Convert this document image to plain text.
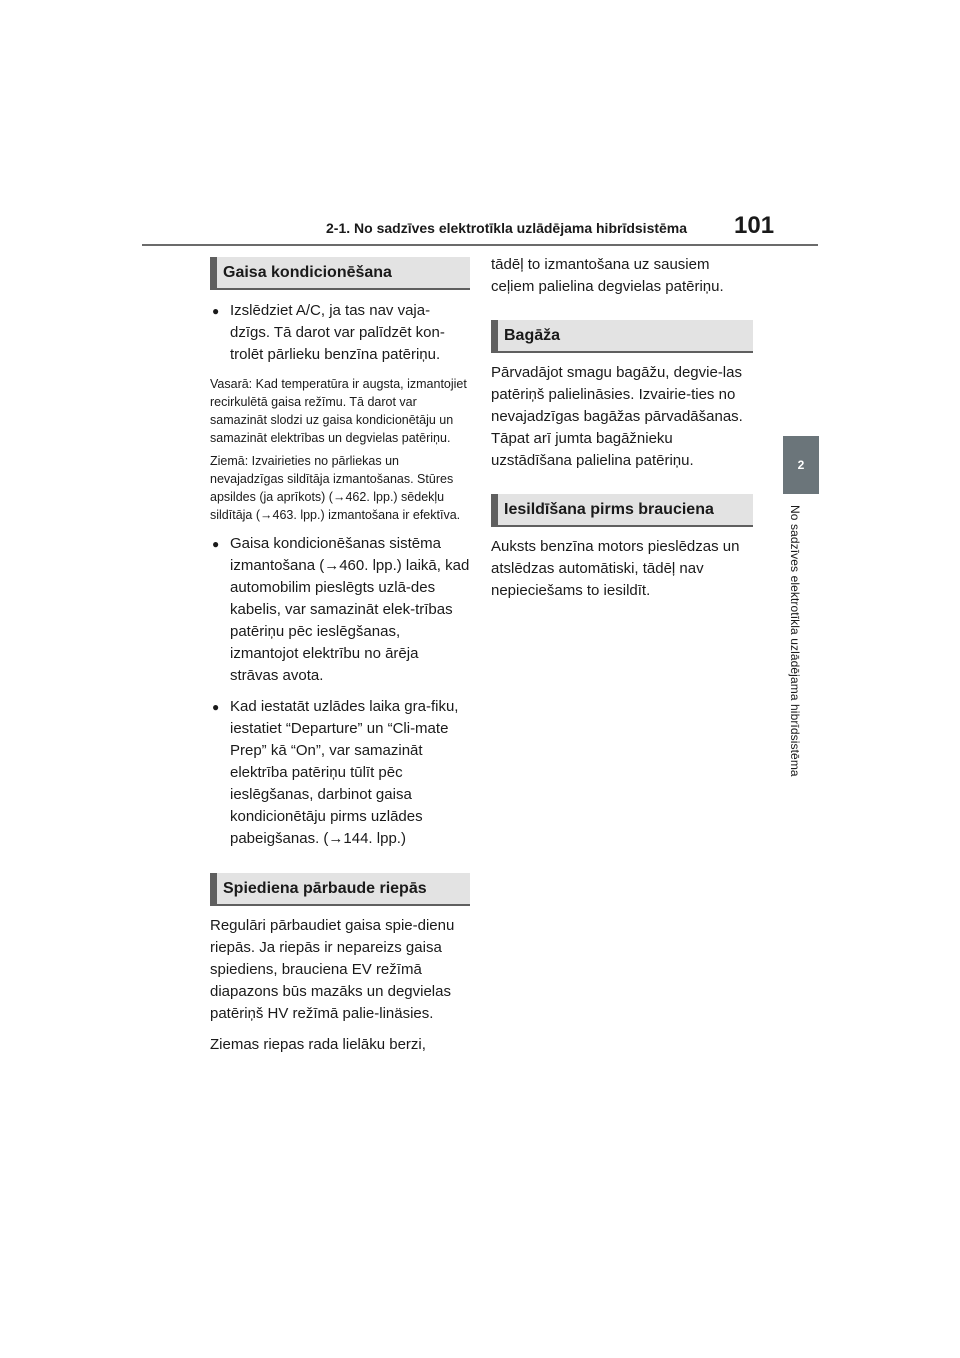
2-1. No sadzīves elektrotīkla uzlādējama hibrīdsistēma 101
2
No sadzīves elektrotīkla uzlādējama hibrīdsistēma
Gaisa kondicionēšana
● Izslēdziet A/C, ja tas nav vaja-dzīgs. Tā darot var palīdzēt kon-trolēt pārlieku benzīna patēriņu.

Vasarā: Kad temperatūra ir augsta, izmantojiet recirkulētā gaisa režīmu. Tā darot var samazināt slodzi uz gaisa kondicionētāju un samazināt elektrības un degvielas patēriņu.

Ziemā: Izvairieties no pārliekas un nevajadzīgas sildītāja izmantošanas. Stūres apsildes (ja aprīkots) (→462. lpp.) sēdekļu sildītāja (→463. lpp.) izmantošana ir efektīva.

● Gaisa kondicionēšanas sistēma izmantošana (→460. lpp.) laikā, kad automobilim pieslēgts uzlā-des kabelis, var samazināt elek-trības patēriņu pēc ieslēgšanas, izmantojot elektrību no ārēja strāvas avota.
● Kad iestatāt uzlādes laika gra-fiku, iestatiet “Departure” un “Cli-mate Prep” kā “On”, var samazināt elektrība patēriņu tūlīt pēc ieslēgšanas, darbinot gaisa kondicionētāju pirms uzlādes pabeigšanas. (→144. lpp.)
Spiediena pārbaude riepās

Regulāri pārbaudiet gaisa spie-dienu riepās. Ja riepās ir nepareizs gaisa spiediens, brauciena EV režīmā diapazons būs mazāks un degvielas patēriņš HV režīmā palie-linäsies.

Ziemas riepas rada lielāku berzi,

tādēļ to izmantošana uz sausiem ceļiem palielina degvielas patēriņu.

Bagāža

Pārvadājot smagu bagāžu, degvie-las patēriņš palielināsies. Izvairie-ties no nevajadzīgas bagāžas pārvadāšanas. Tāpat arī jumta bagāžnieku uzstādīšana palielina patēriņu.

Iesildīšana pirms brauciena

Auksts benzīna motors pieslēdzas un atslēdzas automātiski, tādēļ nav nepieciešams to iesildīt.
